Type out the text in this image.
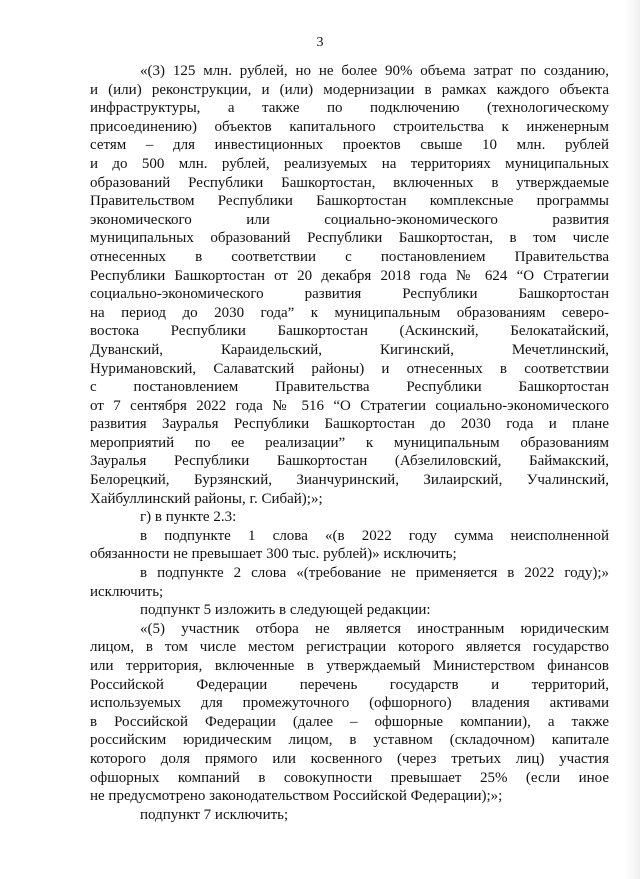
3
«(3) 125 млн. рублей, но не более 90% объема затрат по созданию,
и (или) реконструкции, и (или) модернизации в рамках каждого объекта
инфраструктуры, а также по подключению (технологическому
присоединению) объектов капитального строительства к инженерным
сетям – для инвестиционных проектов свыше 10 млн. рублей
и до 500 млн. рублей, реализуемых на территориях муниципальных
образований Республики Башкортостан, включенных в утверждаемые
Правительством Республики Башкортостан комплексные программы
экономического или социально-экономического развития
муниципальных образований Республики Башкортостан, в том числе
отнесенных в соответствии с постановлением Правительства
Республики Башкортостан от 20 декабря 2018 года № 624 “О Стратегии
социально-экономического развития Республики Башкортостан
на период до 2030 года” к муниципальным образованиям северо-
востока Республики Башкортостан (Аскинский, Белокатайский,
Дуванский, Караидельский, Кигинский, Мечетлинский,
Нуримановский, Салаватский районы) и отнесенных в соответствии
с постановлением Правительства Республики Башкортостан
от 7 сентября 2022 года № 516 “О Стратегии социально-экономического
развития Зауралья Республики Башкортостан до 2030 года и плане
мероприятий по ее реализации” к муниципальным образованиям
Зауралья Республики Башкортостан (Абзелиловский, Баймакский,
Белорецкий, Бурзянский, Зианчуринский, Зилаирский, Учалинский,
Хайбуллинский районы, г. Сибай);»;
г) в пункте 2.3:
в подпункте 1 слова «(в 2022 году сумма неисполненной
обязанности не превышает 300 тыс. рублей)» исключить;
в подпункте 2 слова «(требование не применяется в 2022 году);»
исключить;
подпункт 5 изложить в следующей редакции:
«(5) участник отбора не является иностранным юридическим
лицом, в том числе местом регистрации которого является государство
или территория, включенные в утверждаемый Министерством финансов
Российской Федерации перечень государств и территорий,
используемых для промежуточного (офшорного) владения активами
в Российской Федерации (далее – офшорные компании), а также
российским юридическим лицом, в уставном (складочном) капитале
которого доля прямого или косвенного (через третьих лиц) участия
офшорных компаний в совокупности превышает 25% (если иное
не предусмотрено законодательством Российской Федерации);»;
подпункт 7 исключить;
